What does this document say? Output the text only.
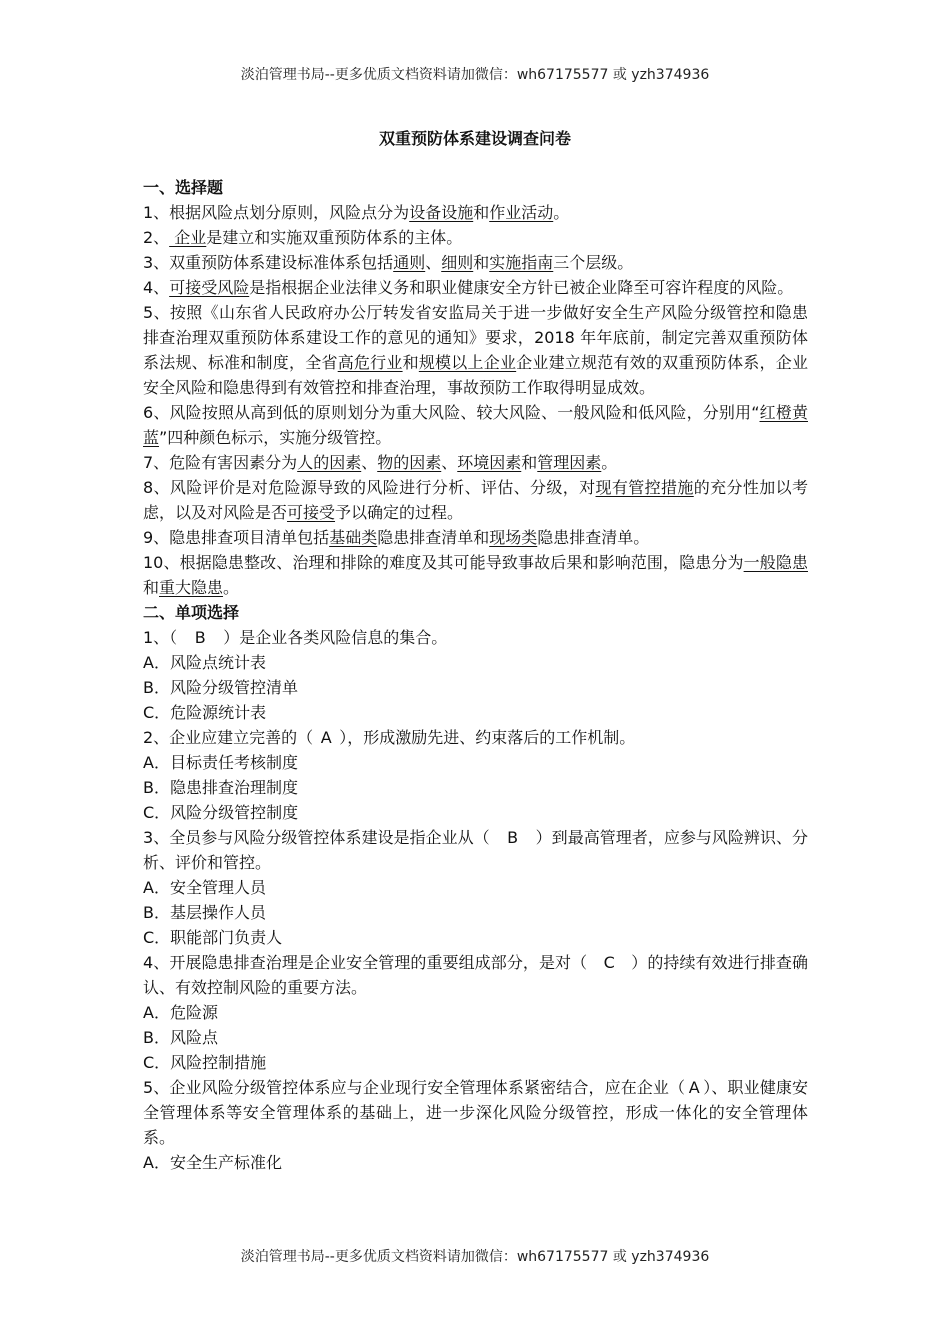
淡泊管理书局--更多优质文档资料请加微信：wh67175577 或 yzh374936
双重预防体系建设调查问卷

一、选择题

1、根据风险点划分原则，风险点分为设备设施和作业活动。

2、 企业是建立和实施双重预防体系的主体。

3、双重预防体系建设标准体系包括通则、细则和实施指南三个层级。

4、可接受风险是指根据企业法律义务和职业健康安全方针已被企业降至可容许程度的风险。

5、按照《山东省人民政府办公厅转发省安监局关于进一步做好安全生产风险分级管控和隐患排查治理双重预防体系建设工作的意见的通知》要求，2018 年年底前，制定完善双重预防体系法规、标准和制度，全省高危行业和规模以上企业企业建立规范有效的双重预防体系，企业安全风险和隐患得到有效管控和排查治理，事故预防工作取得明显成效。

6、风险按照从高到低的原则划分为重大风险、较大风险、一般风险和低风险，分别用“红橙黄蓝”四种颜色标示，实施分级管控。

7、危险有害因素分为人的因素、物的因素、环境因素和管理因素。

8、风险评价是对危险源导致的风险进行分析、评估、分级，对现有管控措施的充分性加以考虑，以及对风险是否可接受予以确定的过程。

9、隐患排查项目清单包括基础类隐患排查清单和现场类隐患排查清单。

10、根据隐患整改、治理和排除的难度及其可能导致事故后果和影响范围，隐患分为一般隐患和重大隐患。

二、单项选择

1、（ B ）是企业各类风险信息的集合。

A．风险点统计表

B．风险分级管控清单

C．危险源统计表

2、企业应建立完善的（ A ），形成激励先进、约束落后的工作机制。

A．目标责任考核制度

B．隐患排查治理制度

C．风险分级管控制度

3、全员参与风险分级管控体系建设是指企业从（ B ）到最高管理者，应参与风险辨识、分析、评价和管控。

A．安全管理人员

B．基层操作人员

C．职能部门负责人

4、开展隐患排查治理是企业安全管理的重要组成部分，是对（ C ）的持续有效进行排查确认、有效控制风险的重要方法。

A．危险源

B．风险点

C．风险控制措施

5、企业风险分级管控体系应与企业现行安全管理体系紧密结合，应在企业（ A ）、职业健康安全管理体系等安全管理体系的基础上，进一步深化风险分级管控，形成一体化的安全管理体系。

A．安全生产标准化

淡泊管理书局--更多优质文档资料请加微信：wh67175577 或 yzh374936
